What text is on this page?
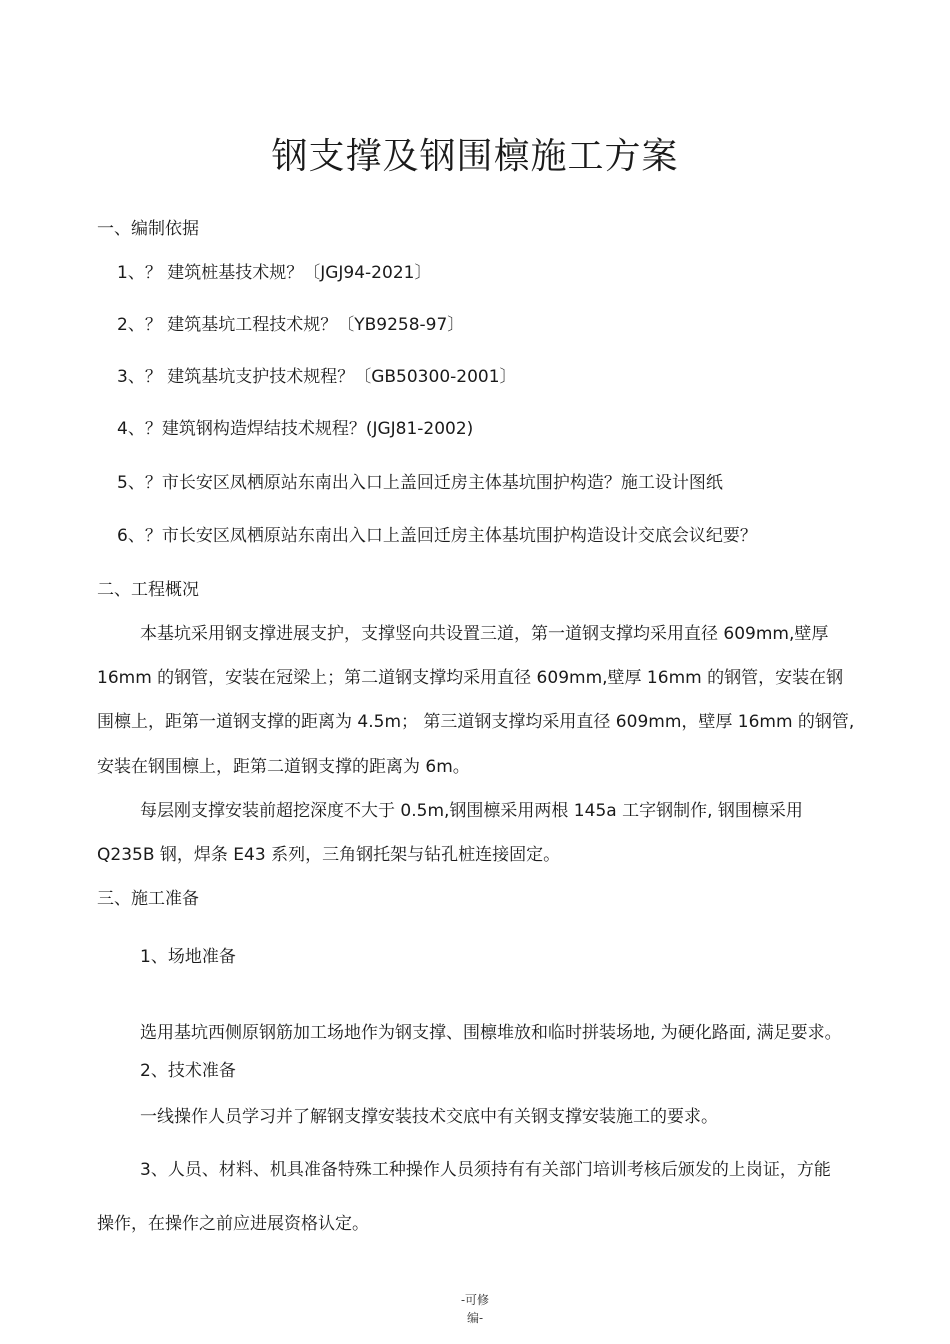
钢支撑及钢围檩施工方案

一、编制依据

1、？ 建筑桩基技术规？〔JGJ94-2021〕

2、？ 建筑基坑工程技术规？〔YB9258-97〕

3、？ 建筑基坑支护技术规程？〔GB50300-2001〕

4、？建筑钢构造焊结技术规程？(JGJ81-2002)

5、？市长安区凤栖原站东南出入口上盖回迁房主体基坑围护构造？施工设计图纸

6、？市长安区凤栖原站东南出入口上盖回迁房主体基坑围护构造设计交底会议纪要？

二、工程概况

本基坑采用钢支撑进展支护，支撑竖向共设置三道，第一道钢支撑均采用直径 609mm,壁厚

16mm 的钢管，安装在冠梁上；第二道钢支撑均采用直径 609mm,壁厚 16mm 的钢管，安装在钢

围檩上，距第一道钢支撑的距离为 4.5m； 第三道钢支撑均采用直径 609mm，壁厚 16mm 的钢管,

安装在钢围檩上，距第二道钢支撑的距离为 6m。

每层刚支撑安装前超挖深度不大于 0.5m,钢围檩采用两根 145a 工字钢制作, 钢围檩采用

Q235B 钢，焊条 E43 系列，三角钢托架与钻孔桩连接固定。

三、施工准备

1、场地准备

选用基坑西侧原钢筋加工场地作为钢支撑、围檩堆放和临时拼装场地, 为硬化路面, 满足要求。

2、技术准备

一线操作人员学习并了解钢支撑安装技术交底中有关钢支撑安装施工的要求。

3、人员、材料、机具准备特殊工种操作人员须持有有关部门培训考核后颁发的上岗证，方能

操作，在操作之前应进展资格认定。

-可修
编-
